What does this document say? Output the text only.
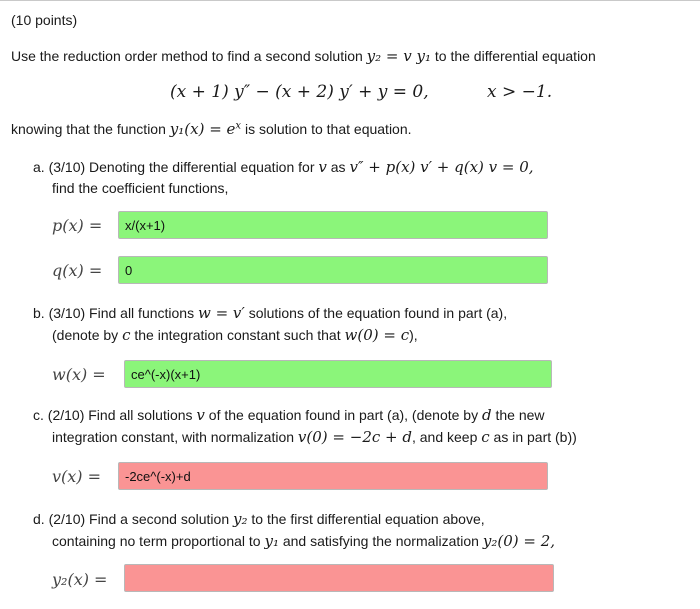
(10 points)
Use the reduction order method to find a second solution y₂ = v y₁ to the differential equation
(x + 1) y″ − (x + 2) y′ + y = 0,	x > −1.
knowing that the function $y_1(x) = e^x$ is solution to that equation.
a. (3/10) Denoting the differential equation for v as v″ + p(x) v′ + q(x) v = 0,
find the coefficient functions,
p(x) =
x/(x+1)
q(x) =
0
b. (3/10) Find all functions w = v′ solutions of the equation found in part (a),
(denote by c the integration constant such that w(0) = c),
w(x) =
ce^(-x)(x+1)
c. (2/10) Find all solutions v of the equation found in part (a), (denote by d the new
integration constant, with normalization v(0) = −2c + d, and keep c as in part (b))
v(x) =
-2ce^(-x)+d
d. (2/10) Find a second solution y₂ to the first differential equation above,
containing no term proportional to y₁ and satisfying the normalization y₂(0) = 2,
y₂(x) =
